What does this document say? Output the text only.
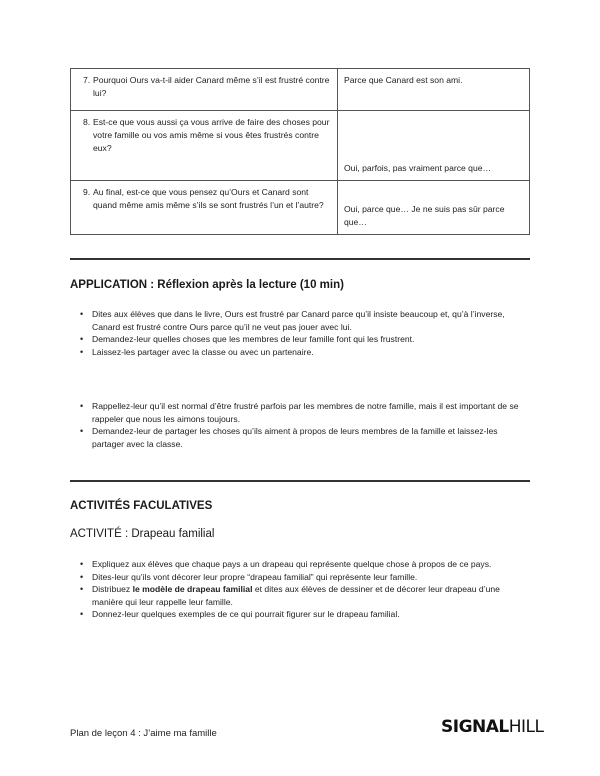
7. Pourquoi Ours va-t-il aider Canard même s’il est frustré contre lui?	Parce que Canard est son ami.

8. Est-ce que vous aussi ça vous arrive de faire des choses pour votre famille ou vos amis même si vous êtes frustrés contre eux?	Oui, parfois, pas vraiment parce que…

9. Au final, est-ce que vous pensez qu’Ours et Canard sont quand même amis même s’ils se sont frustrés l’un et l’autre?	Oui, parce que… Je ne suis pas sûr parce que…
APPLICATION : Réflexion après la lecture (10 min)
• Dites aux élèves que dans le livre, Ours est frustré par Canard parce qu’il insiste beaucoup et, qu’à l’inverse, Canard est frustré contre Ours parce qu’il ne veut pas jouer avec lui.
• Demandez-leur quelles choses que les membres de leur famille font qui les frustrent.
• Laissez-les partager avec la classe ou avec un partenaire.
• Rappellez-leur qu’il est normal d’être frustré parfois par les membres de notre famille, mais il est important de se rappeler que nous les aimons toujours.
• Demandez-leur de partager les choses qu’ils aiment à propos de leurs membres de la famille et laissez-les partager avec la classe.
ACTIVITÉS FACULATIVES
ACTIVITÉ : Drapeau familial
• Expliquez aux élèves que chaque pays a un drapeau qui représente quelque chose à propos de ce pays.
• Dites-leur qu’ils vont décorer leur propre “drapeau familial” qui représente leur famille.
• Distribuez le modèle de drapeau familial et dites aux élèves de dessiner et de décorer leur drapeau d’une manière qui leur rappelle leur famille.
• Donnez-leur quelques exemples de ce qui pourrait figurer sur le drapeau familial.
Plan de leçon 4 : J’aime ma famille	SIGNALHILL
